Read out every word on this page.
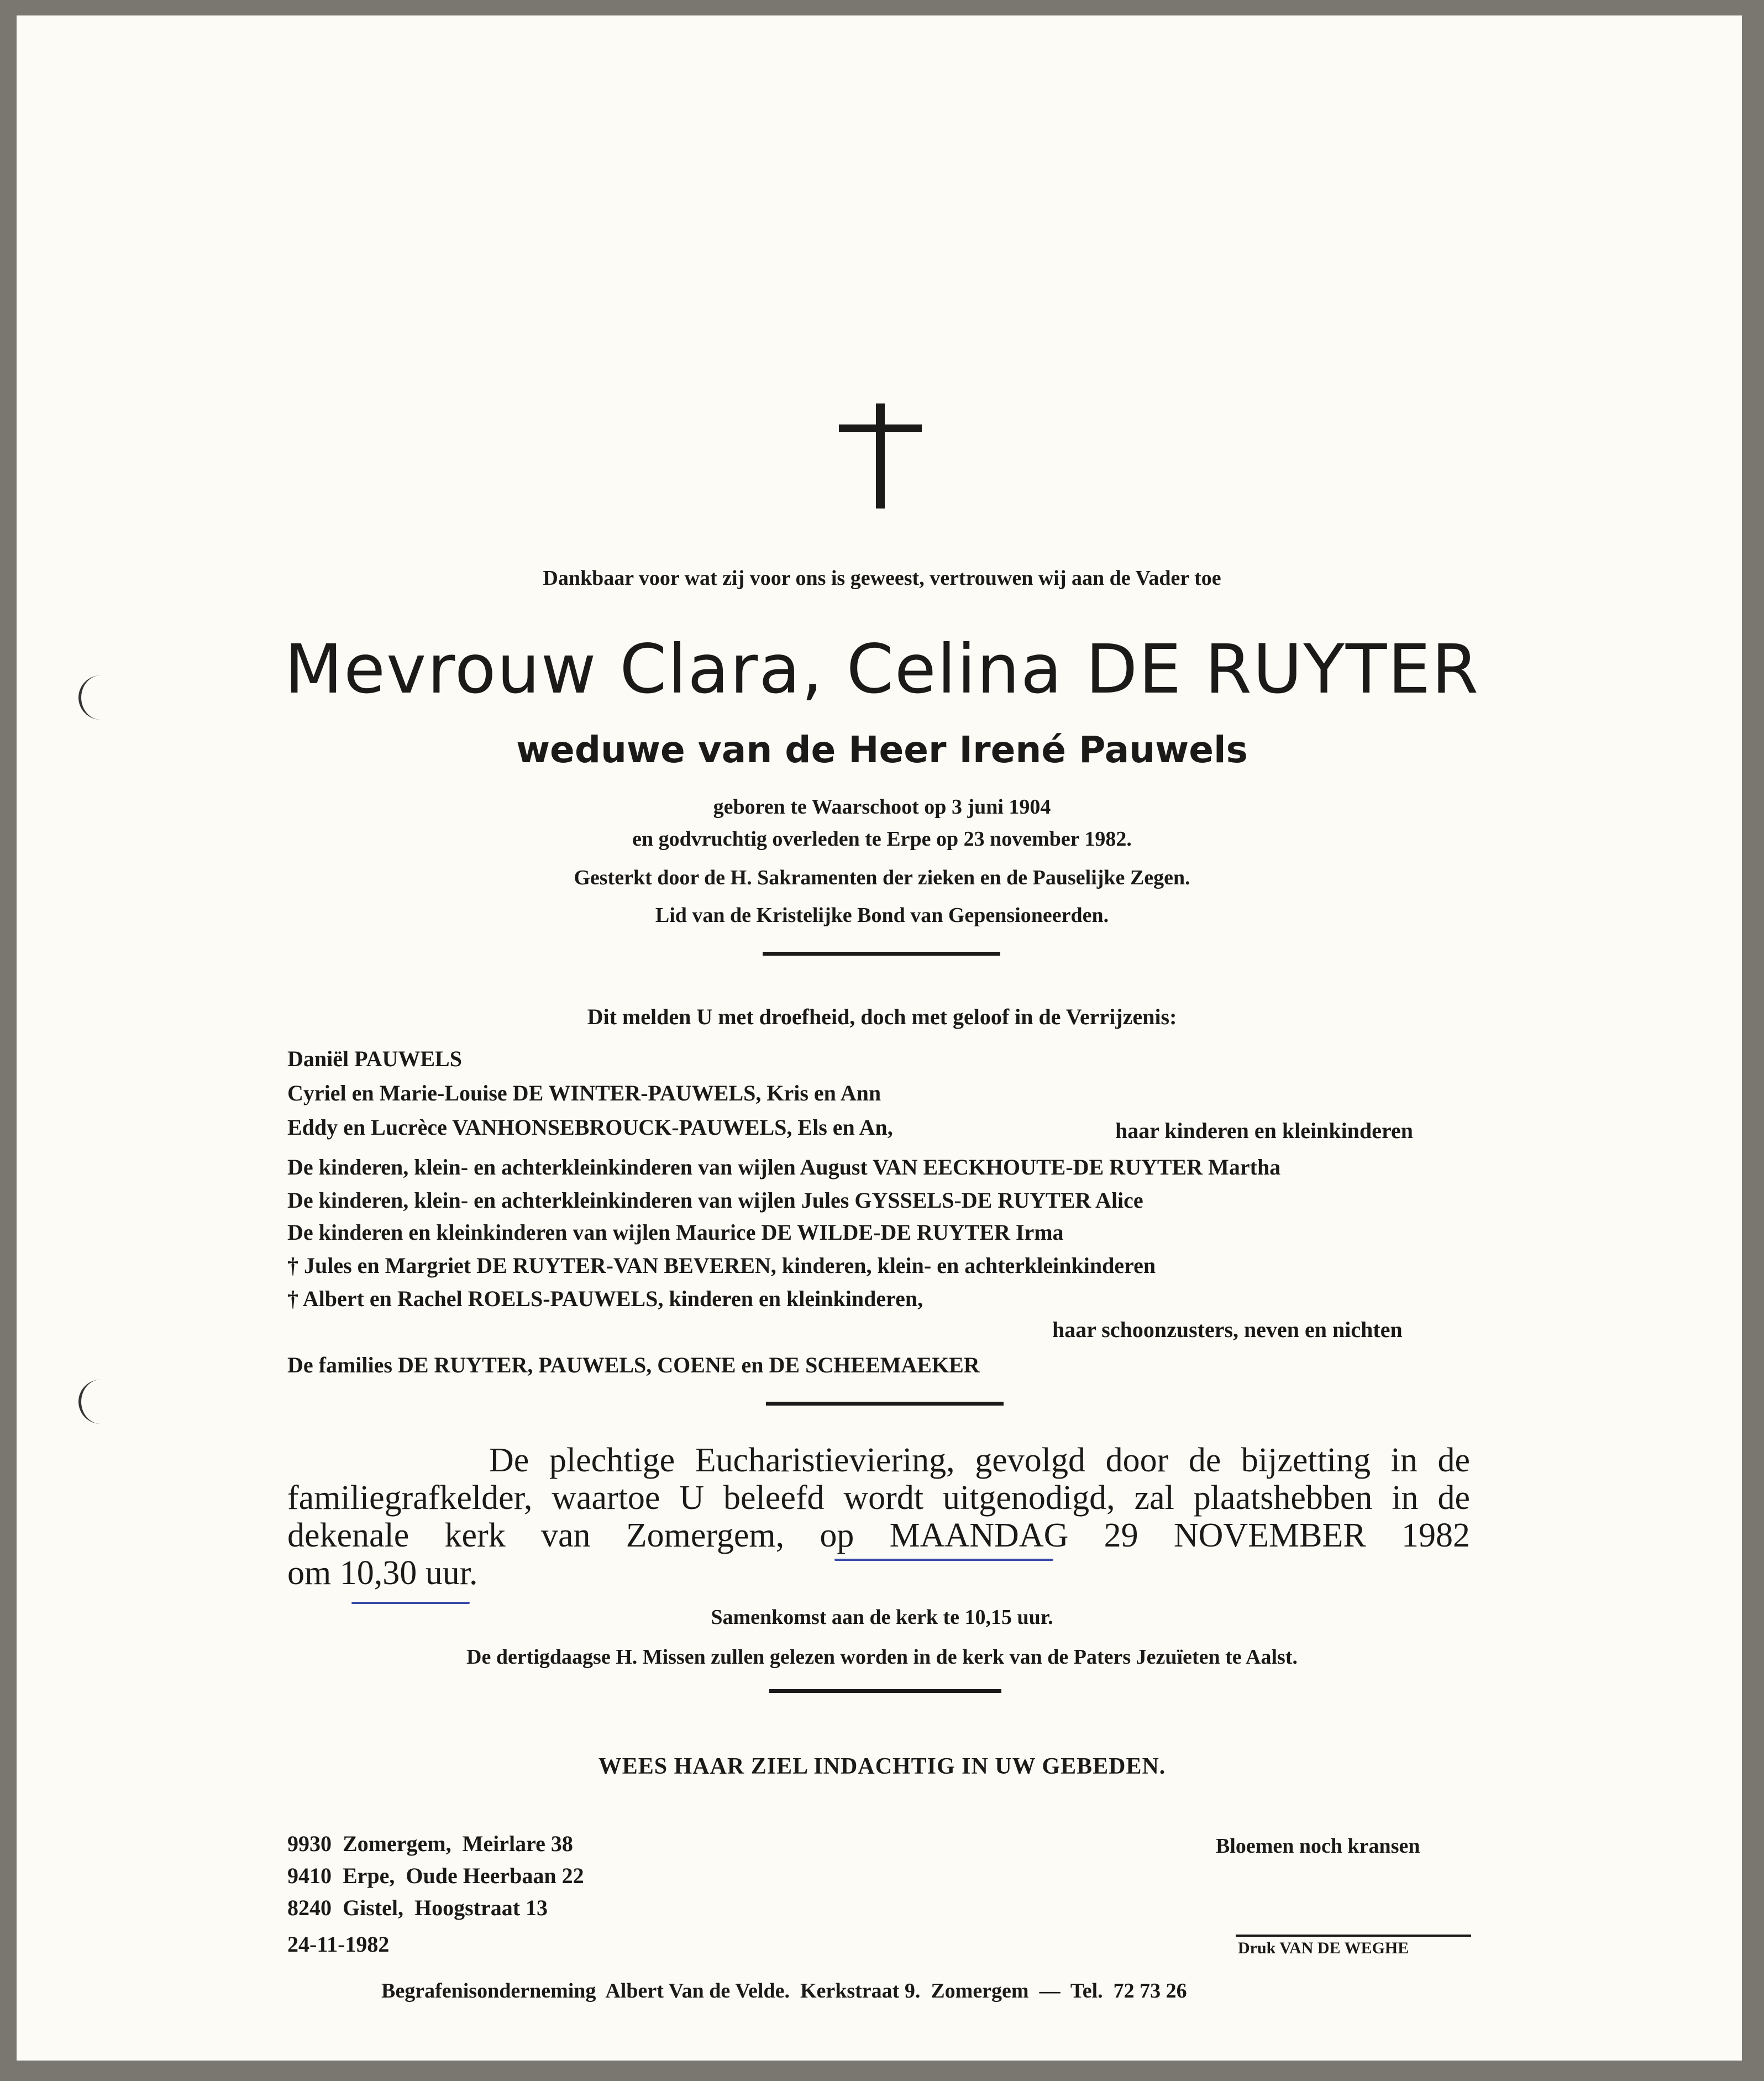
Dankbaar voor wat zij voor ons is geweest, vertrouwen wij aan de Vader toe
Mevrouw Clara, Celina DE RUYTER
weduwe van de Heer Irené Pauwels
geboren te Waarschoot op 3 juni 1904
en godvruchtig overleden te Erpe op 23 november 1982.
Gesterkt door de H. Sakramenten der zieken en de Pauselijke Zegen.
Lid van de Kristelijke Bond van Gepensioneerden.
Dit melden U met droefheid, doch met geloof in de Verrijzenis:
Daniël PAUWELS
Cyriel en Marie-Louise DE WINTER-PAUWELS, Kris en Ann
Eddy en Lucrèce VANHONSEBROUCK-PAUWELS, Els en An,	haar kinderen en kleinkinderen
De kinderen, klein- en achterkleinkinderen van wijlen August VAN EECKHOUTE-DE RUYTER Martha
De kinderen, klein- en achterkleinkinderen van wijlen Jules GYSSELS-DE RUYTER Alice
De kinderen en kleinkinderen van wijlen Maurice DE WILDE-DE RUYTER Irma
† Jules en Margriet DE RUYTER-VAN BEVEREN, kinderen, klein- en achterkleinkinderen
† Albert en Rachel ROELS-PAUWELS, kinderen en kleinkinderen,
haar schoonzusters, neven en nichten
De families DE RUYTER, PAUWELS, COENE en DE SCHEEMAEKER
De plechtige Eucharistieviering, gevolgd door de bijzetting in de
familiegrafkelder, waartoe U beleefd wordt uitgenodigd, zal plaatshebben in de
dekenale kerk van Zomergem, op MAANDAG 29 NOVEMBER 1982
om 10,30 uur.
Samenkomst aan de kerk te 10,15 uur.
De dertigdaagse H. Missen zullen gelezen worden in de kerk van de Paters Jezuïeten te Aalst.
WEES HAAR ZIEL INDACHTIG IN UW GEBEDEN.
9930  Zomergem,  Meirlare 38
9410  Erpe,  Oude Heerbaan 22
8240  Gistel,  Hoogstraat 13
Bloemen noch kransen
24-11-1982	Druk VAN DE WEGHE
Begrafenisonderneming  Albert Van de Velde.  Kerkstraat 9.  Zomergem  —  Tel.  72 73 26
